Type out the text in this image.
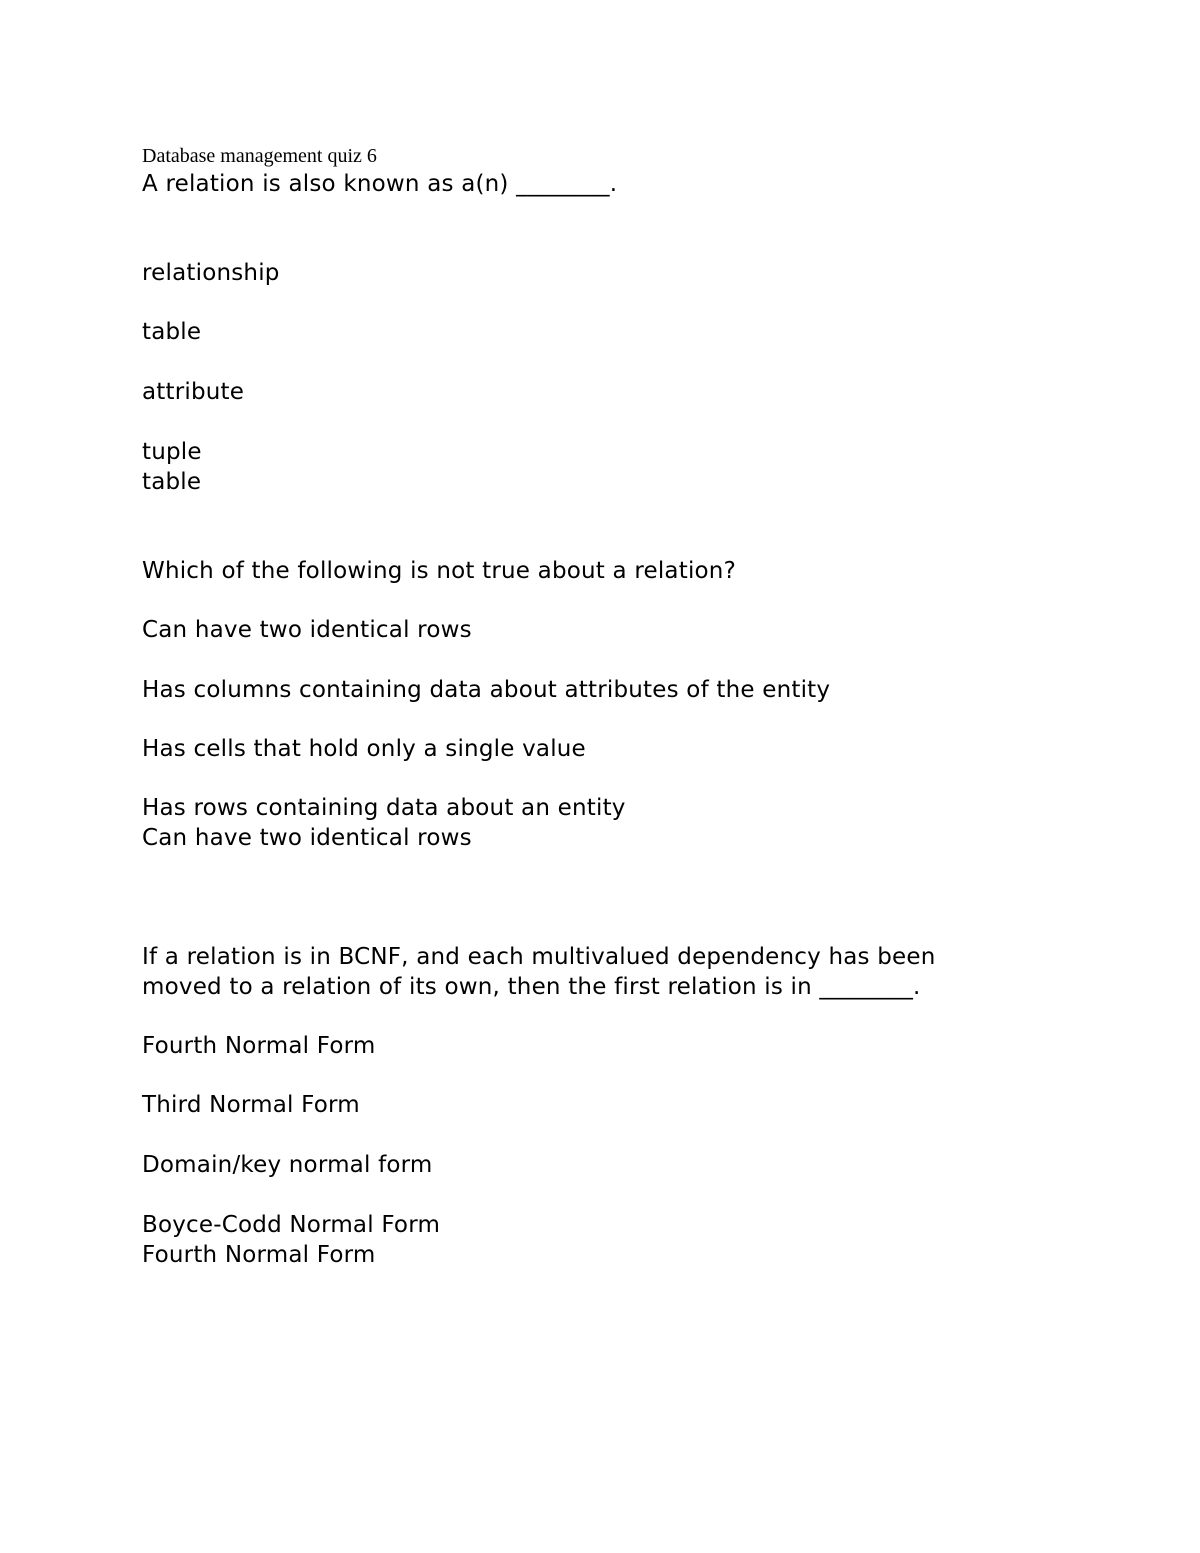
Database management quiz 6
A relation is also known as a(n) ________.
relationship
table
attribute
tuple
table
Which of the following is not true about a relation?
Can have two identical rows
Has columns containing data about attributes of the entity
Has cells that hold only a single value
Has rows containing data about an entity
Can have two identical rows
If a relation is in BCNF, and each multivalued dependency has been
moved to a relation of its own, then the first relation is in ________.
Fourth Normal Form
Third Normal Form
Domain/key normal form
Boyce-Codd Normal Form
Fourth Normal Form
